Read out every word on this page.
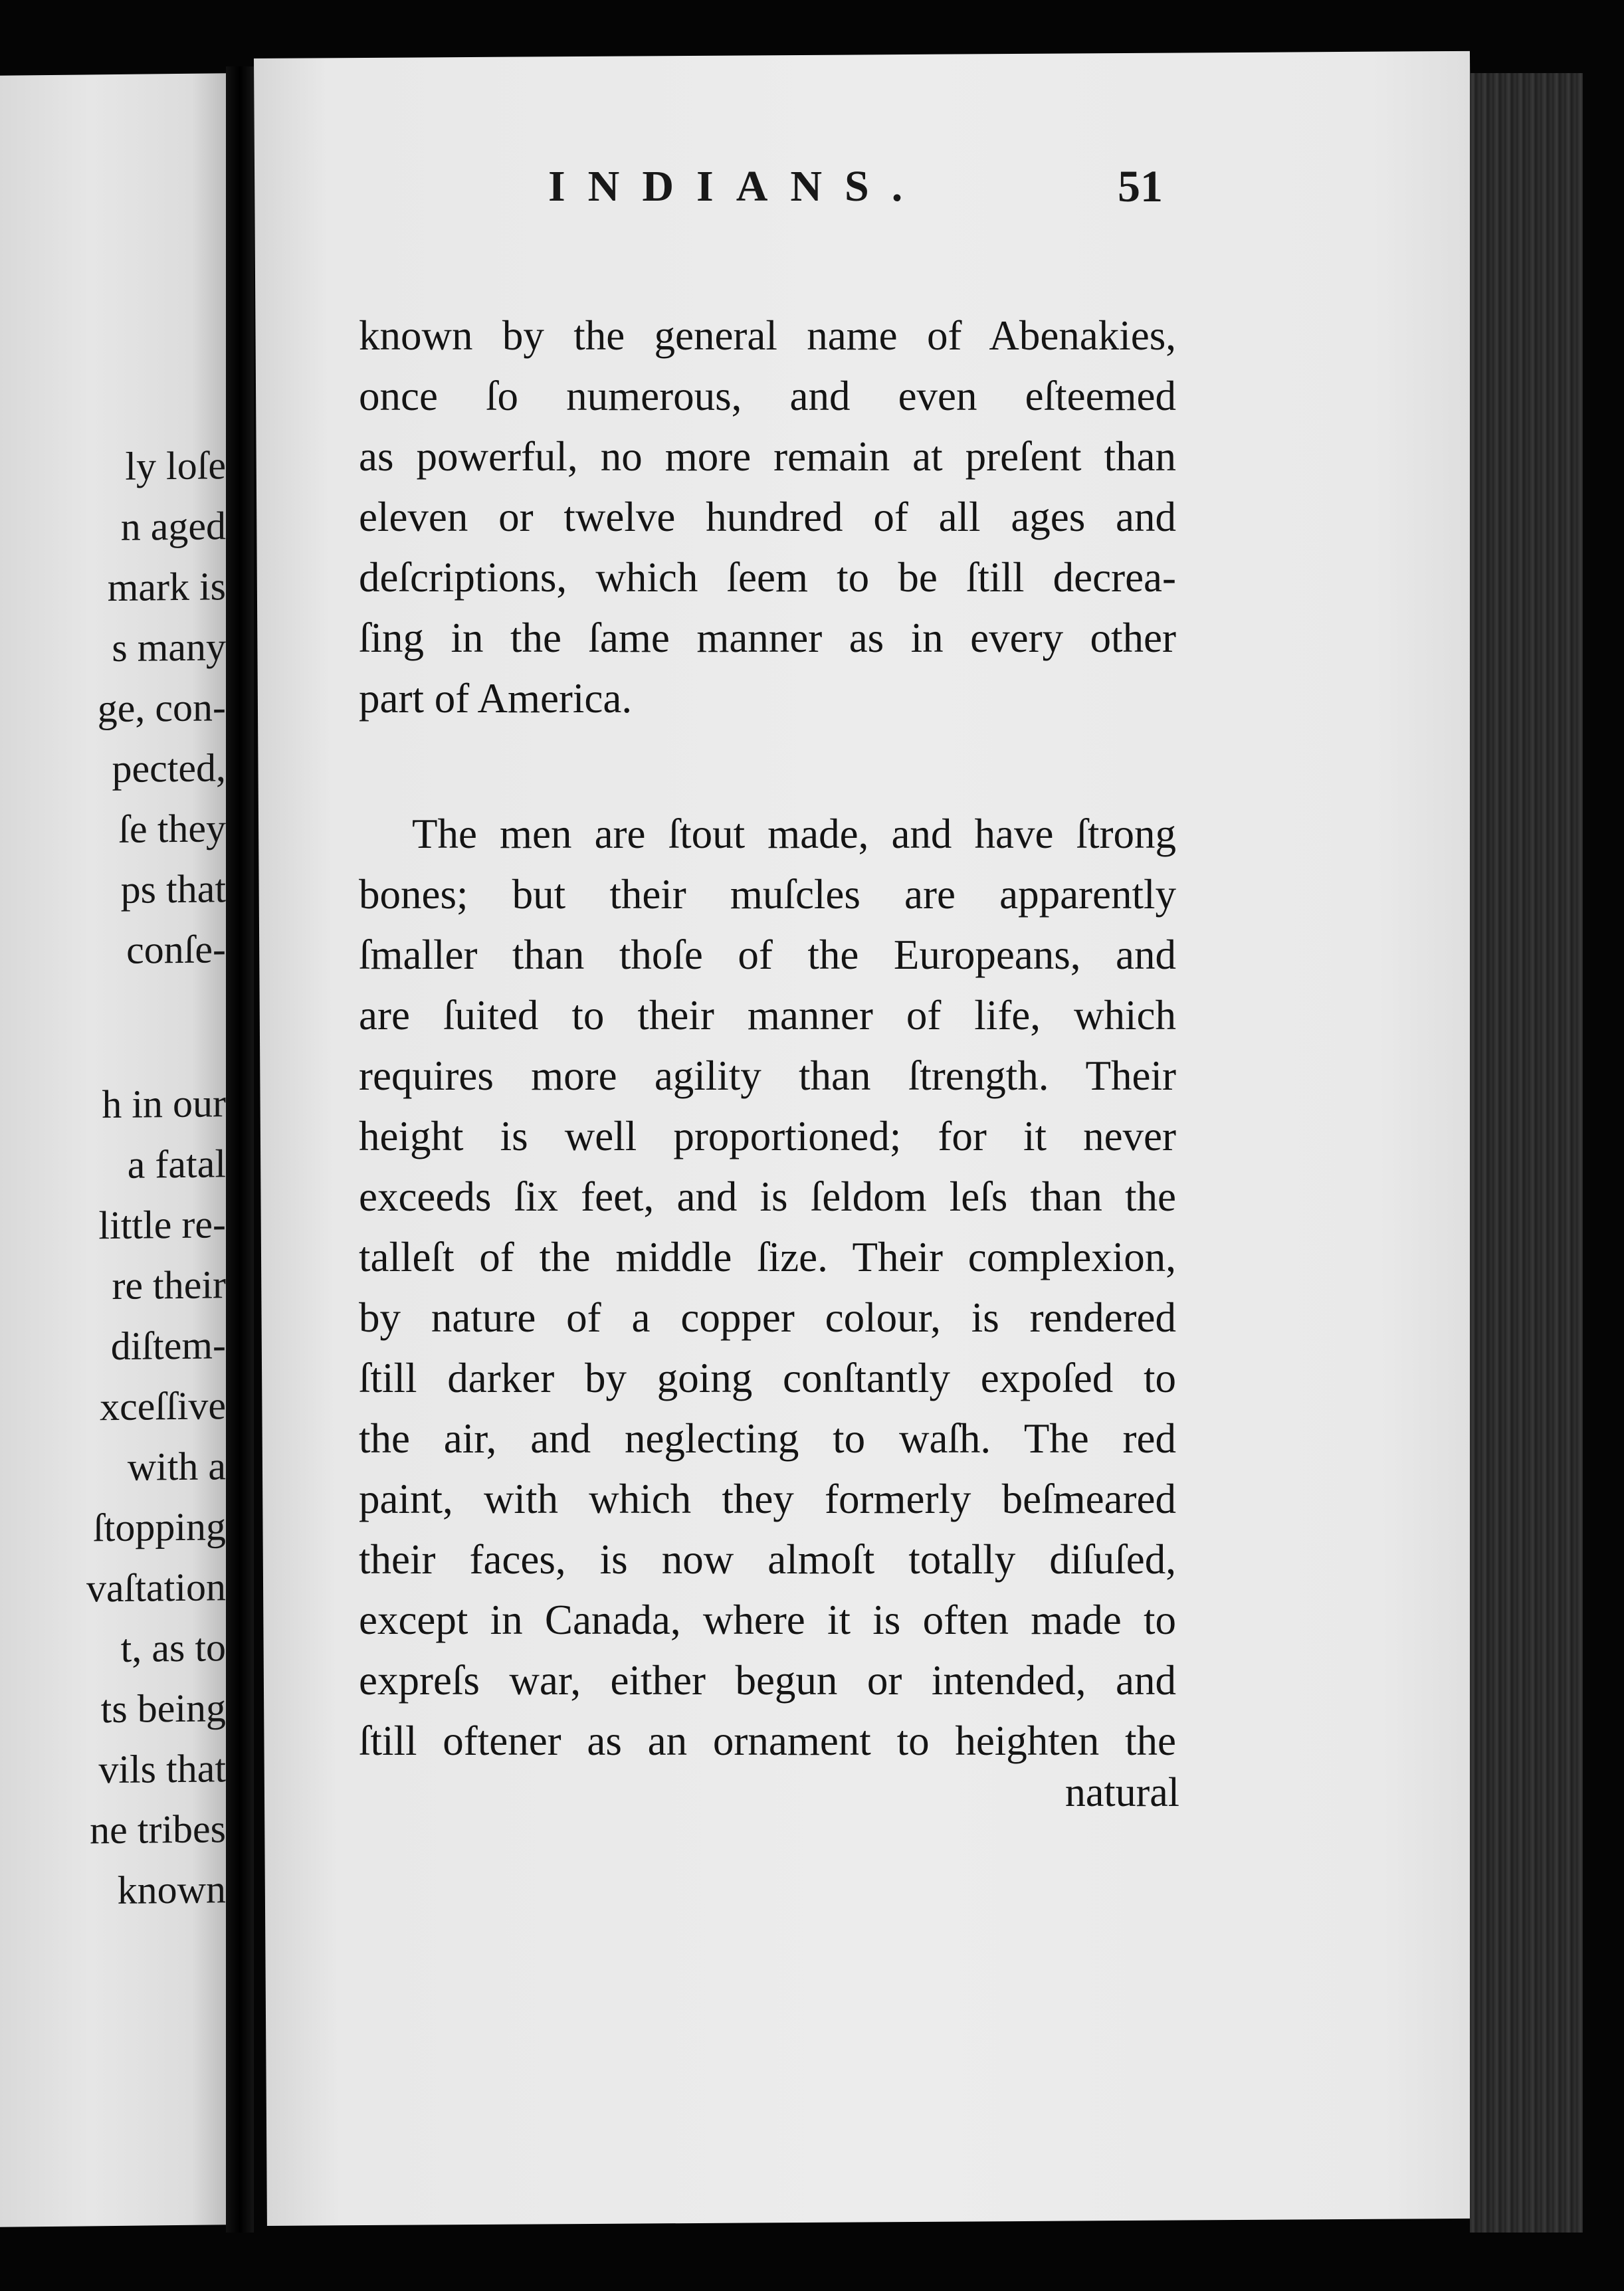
ly loſe
n aged
mark is
s many
ge, con-
pected,
ſe they
ps that
conſe-
h in our
a fatal
little re-
re their
diſtem-
xceſſive
with a
ſtopping
vaſtation
t, as to
ts being
vils that
ne tribes
known
INDIANS.	51

known by the general name of Abenakies,
once ſo numerous, and even eſteemed
as powerful, no more remain at preſent than
eleven or twelve hundred of all ages and
deſcriptions, which ſeem to be ſtill decrea-
ſing in the ſame manner as in every other
part of America.

The men are ſtout made, and have ſtrong
bones; but their muſcles are apparently
ſmaller than thoſe of the Europeans, and
are ſuited to their manner of life, which
requires more agility than ſtrength. Their
height is well proportioned; for it never
exceeds ſix feet, and is ſeldom leſs than the
talleſt of the middle ſize. Their complexion,
by nature of a copper colour, is rendered
ſtill darker by going conſtantly expoſed to
the air, and neglecting to waſh. The red
paint, with which they formerly beſmeared
their faces, is now almoſt totally diſuſed,
except in Canada, where it is often made to
expreſs war, either begun or intended, and
ſtill oftener as an ornament to heighten the

natural
